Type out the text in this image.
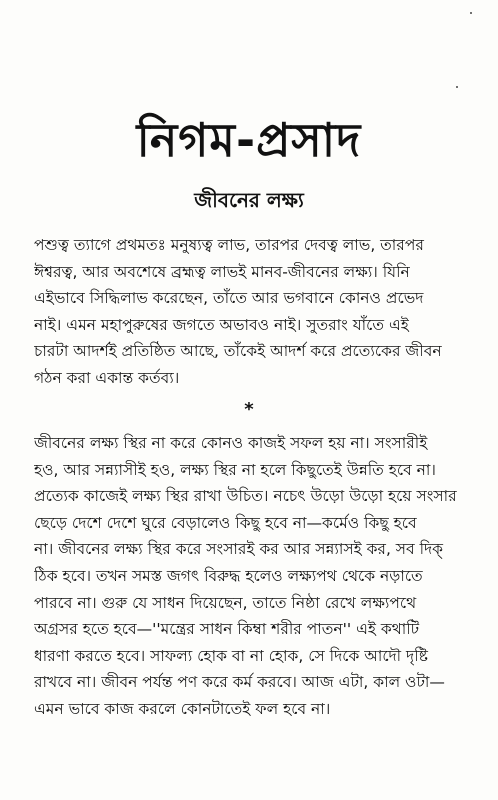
নিগম-প্রসাদ
জীবনের লক্ষ্য
পশুত্ব ত্যাগে প্রথমতঃ মনুষ্যত্ব লাভ, তারপর দেবত্ব লাভ, তারপর
ঈশ্বরত্ব, আর অবশেষে ব্রহ্মত্ব লাভই মানব-জীবনের লক্ষ্য। যিনি
এইভাবে সিদ্ধিলাভ করেছেন, তাঁতে আর ভগবানে কোনও প্রভেদ
নাই। এমন মহাপুরুষের জগতে অভাবও নাই। সুতরাং যাঁতে এই
চারটা আদর্শই প্রতিষ্ঠিত আছে, তাঁকেই আদর্শ করে প্রত্যেকের জীবন
গঠন করা একান্ত কর্তব্য।
*
জীবনের লক্ষ্য স্থির না করে কোনও কাজই সফল হয় না। সংসারীই
হও, আর সন্ন্যাসীই হও, লক্ষ্য স্থির না হলে কিছুতেই উন্নতি হবে না।
প্রত্যেক কাজেই লক্ষ্য স্থির রাখা উচিত। নচেৎ উড়ো উড়ো হয়ে সংসার
ছেড়ে দেশে দেশে ঘুরে বেড়ালেও কিছু হবে না—কর্মেও কিছু হবে
না। জীবনের লক্ষ্য স্থির করে সংসারই কর আর সন্ন্যাসই কর, সব দিক্
ঠিক হবে। তখন সমস্ত জগৎ বিরুদ্ধ হলেও লক্ষ্যপথ থেকে নড়াতে
পারবে না। গুরু যে সাধন দিয়েছেন, তাতে নিষ্ঠা রেখে লক্ষ্যপথে
অগ্রসর হতে হবে—''মন্ত্রের সাধন কিম্বা শরীর পাতন'' এই কথাটি
ধারণা করতে হবে। সাফল্য হোক বা না হোক, সে দিকে আদৌ দৃষ্টি
রাখবে না। জীবন পর্যন্ত পণ করে কর্ম করবে। আজ এটা, কাল ওটা—
এমন ভাবে কাজ করলে কোনটাতেই ফল হবে না।
